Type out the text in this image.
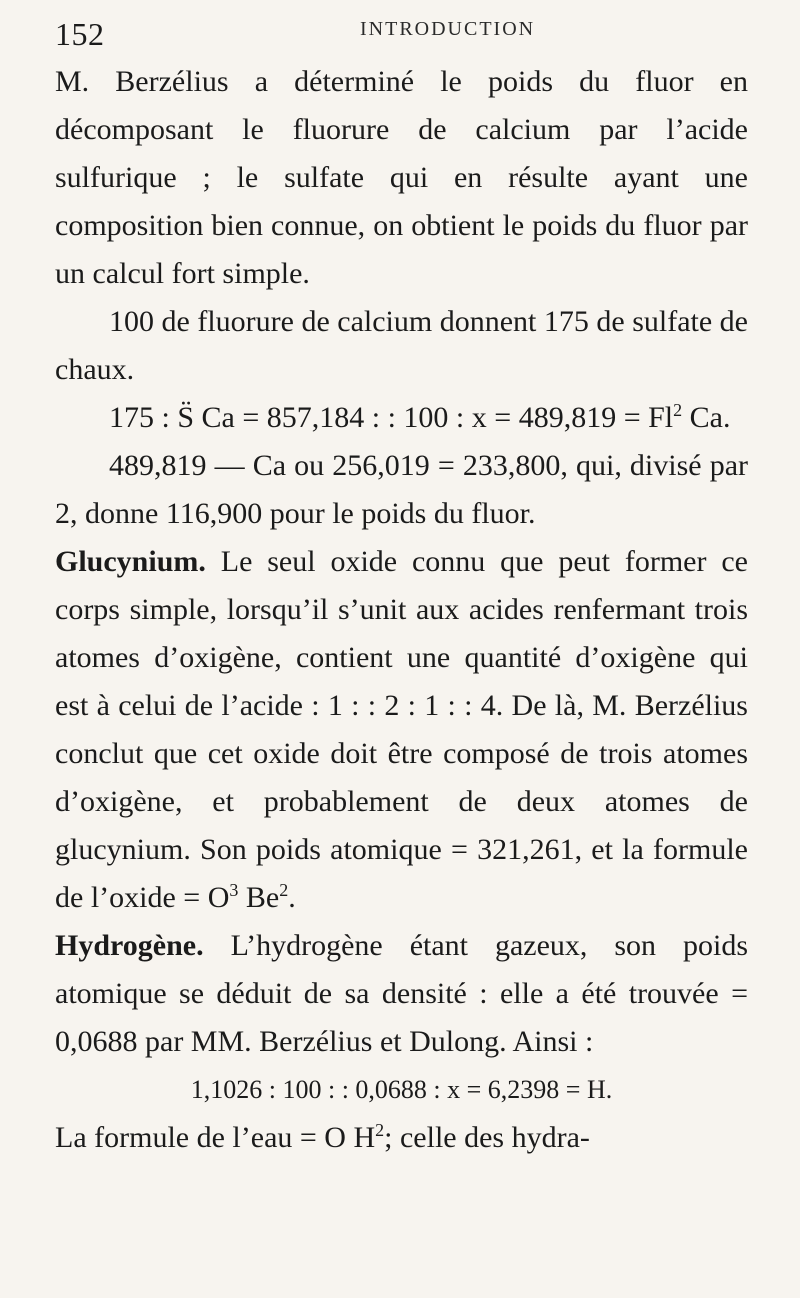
152	INTRODUCTION

M. Berzélius a déterminé le poids du fluor en décomposant le fluorure de calcium par l’acide sulfurique ; le sulfate qui en résulte ayant une composition bien connue, on obtient le poids du fluor par un calcul fort simple.

100 de fluorure de calcium donnent 175 de sulfate de chaux.

175 : S̈ Ca = 857,184 : : 100 : $x = 489,819 = Fl^2$ Ca.

489,819 — Ca ou 256,019 = 233,800, qui, divisé par 2, donne 116,900 pour le poids du fluor.

Glucynium. Le seul oxide connu que peut former ce corps simple, lorsqu’il s’unit aux acides renfermant trois atomes d’oxigène, contient une quantité d’oxigène qui est à celui de l’acide : 1 : : 2 : 1 : : 4. De là, M. Berzélius conclut que cet oxide doit être composé de trois atomes d’oxigène, et probablement de deux atomes de glucynium. Son poids atomique = 321,261, et la formule de l’oxide = $O^3$ Be$^2$.

Hydrogène. L’hydrogène étant gazeux, son poids atomique se déduit de sa densité : elle a été trouvée = 0,0688 par MM. Berzélius et Dulong. Ainsi :

1,1026 : 100 : : 0,0688 : x = 6,2398 = H.

La formule de l’eau = O $H^2$; celle des hydra-
